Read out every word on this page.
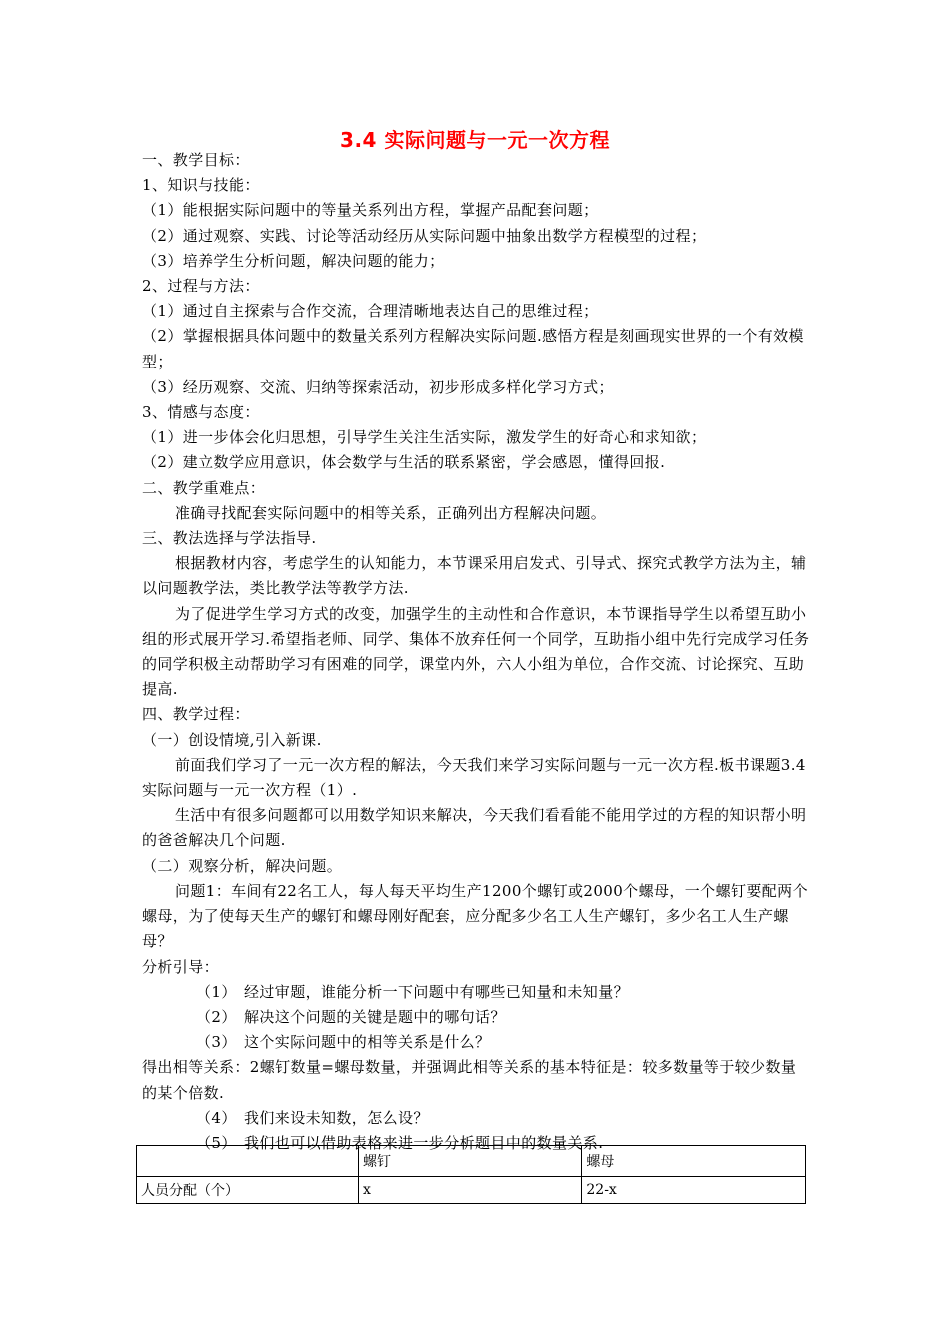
3.4 实际问题与一元一次方程

一、教学目标：

1、知识与技能：

（1）能根据实际问题中的等量关系列出方程，掌握产品配套问题；

（2）通过观察、实践、讨论等活动经历从实际问题中抽象出数学方程模型的过程；

（3）培养学生分析问题，解决问题的能力；

2、过程与方法：

（1）通过自主探索与合作交流，合理清晰地表达自己的思维过程；

（2）掌握根据具体问题中的数量关系列方程解决实际问题.感悟方程是刻画现实世界的一个有效模型；

（3）经历观察、交流、归纳等探索活动，初步形成多样化学习方式；

3、情感与态度：

（1）进一步体会化归思想，引导学生关注生活实际，激发学生的好奇心和求知欲；

（2）建立数学应用意识，体会数学与生活的联系紧密，学会感恩，懂得回报.

二、教学重难点：

准确寻找配套实际问题中的相等关系，正确列出方程解决问题。

三、教法选择与学法指导.

根据教材内容，考虑学生的认知能力，本节课采用启发式、引导式、探究式教学方法为主，辅以问题教学法，类比教学法等教学方法.

为了促进学生学习方式的改变，加强学生的主动性和合作意识，本节课指导学生以希望互助小组的形式展开学习.希望指老师、同学、集体不放弃任何一个同学，互助指小组中先行完成学习任务的同学积极主动帮助学习有困难的同学，课堂内外，六人小组为单位，合作交流、讨论探究、互助提高.

四、教学过程：

（一）创设情境,引入新课.

前面我们学习了一元一次方程的解法，今天我们来学习实际问题与一元一次方程.板书课题3.4实际问题与一元一次方程（1）.

生活中有很多问题都可以用数学知识来解决，今天我们看看能不能用学过的方程的知识帮小明的爸爸解决几个问题.

（二）观察分析，解决问题。

问题1：车间有22名工人，每人每天平均生产1200个螺钉或2000个螺母，一个螺钉要配两个螺母，为了使每天生产的螺钉和螺母刚好配套，应分配多少名工人生产螺钉，多少名工人生产螺母？

分析引导：

（1） 经过审题，谁能分析一下问题中有哪些已知量和未知量？
（2） 解决这个问题的关键是题中的哪句话？
（3） 这个实际问题中的相等关系是什么？

得出相等关系：2螺钉数量=螺母数量，并强调此相等关系的基本特征是：较多数量等于较少数量的某个倍数.

（4） 我们来设未知数，怎么设？
（5） 我们也可以借助表格来进一步分析题目中的数量关系.
	螺钉	螺母
人员分配（个）	x	22-x
